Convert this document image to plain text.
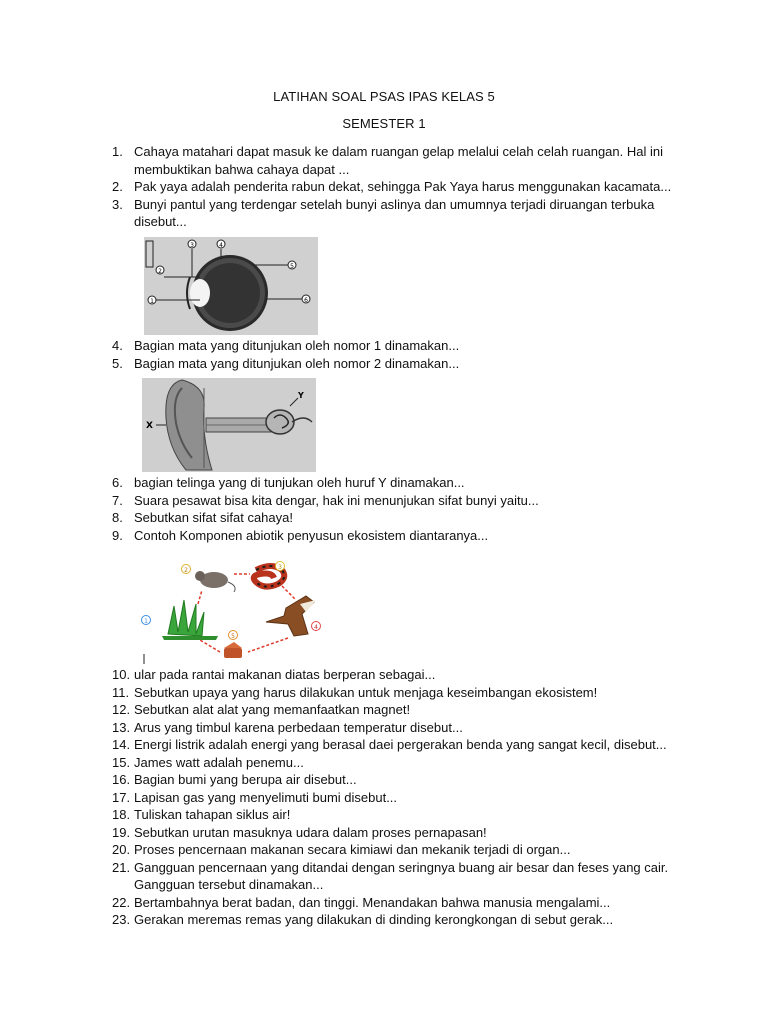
LATIHAN SOAL PSAS IPAS KELAS 5
SEMESTER 1
1. Cahaya matahari dapat masuk ke dalam ruangan gelap melalui celah celah ruangan. Hal ini membuktikan bahwa cahaya dapat ...
2. Pak yaya adalah penderita rabun dekat, sehingga Pak Yaya harus menggunakan kacamata...
3. Bunyi pantul yang terdengar setelah bunyi aslinya dan umumnya terjadi diruangan terbuka disebut...
1
2
3	4
5
6
4. Bagian mata yang ditunjukan oleh nomor 1 dinamakan...
5. Bagian mata yang ditunjukan oleh nomor 2 dinamakan...
X
Y
6. bagian telinga yang di tunjukan oleh huruf Y dinamakan...
7. Suara pesawat bisa kita dengar, hak ini menunjukan sifat bunyi yaitu...
8. Sebutkan sifat sifat cahaya!
9. Contoh Komponen abiotik penyusun ekosistem diantaranya...
1
2	3
4
5
10. ular pada rantai makanan diatas berperan sebagai...
11. Sebutkan upaya yang harus dilakukan untuk menjaga keseimbangan ekosistem!
12. Sebutkan alat alat yang memanfaatkan magnet!
13. Arus yang timbul karena perbedaan temperatur disebut...
14. Energi listrik adalah energi yang berasal daei pergerakan benda yang sangat kecil, disebut...
15. James watt adalah penemu...
16. Bagian bumi yang berupa air disebut...
17. Lapisan gas yang menyelimuti bumi disebut...
18. Tuliskan tahapan siklus air!
19. Sebutkan urutan masuknya udara dalam proses pernapasan!
20. Proses pencernaan makanan secara kimiawi dan mekanik terjadi di organ...
21. Gangguan pencernaan yang ditandai dengan seringnya buang air besar dan feses yang cair. Gangguan tersebut dinamakan...
22. Bertambahnya berat badan, dan tinggi. Menandakan bahwa manusia mengalami...
23. Gerakan meremas remas yang dilakukan di dinding kerongkongan di sebut gerak...
